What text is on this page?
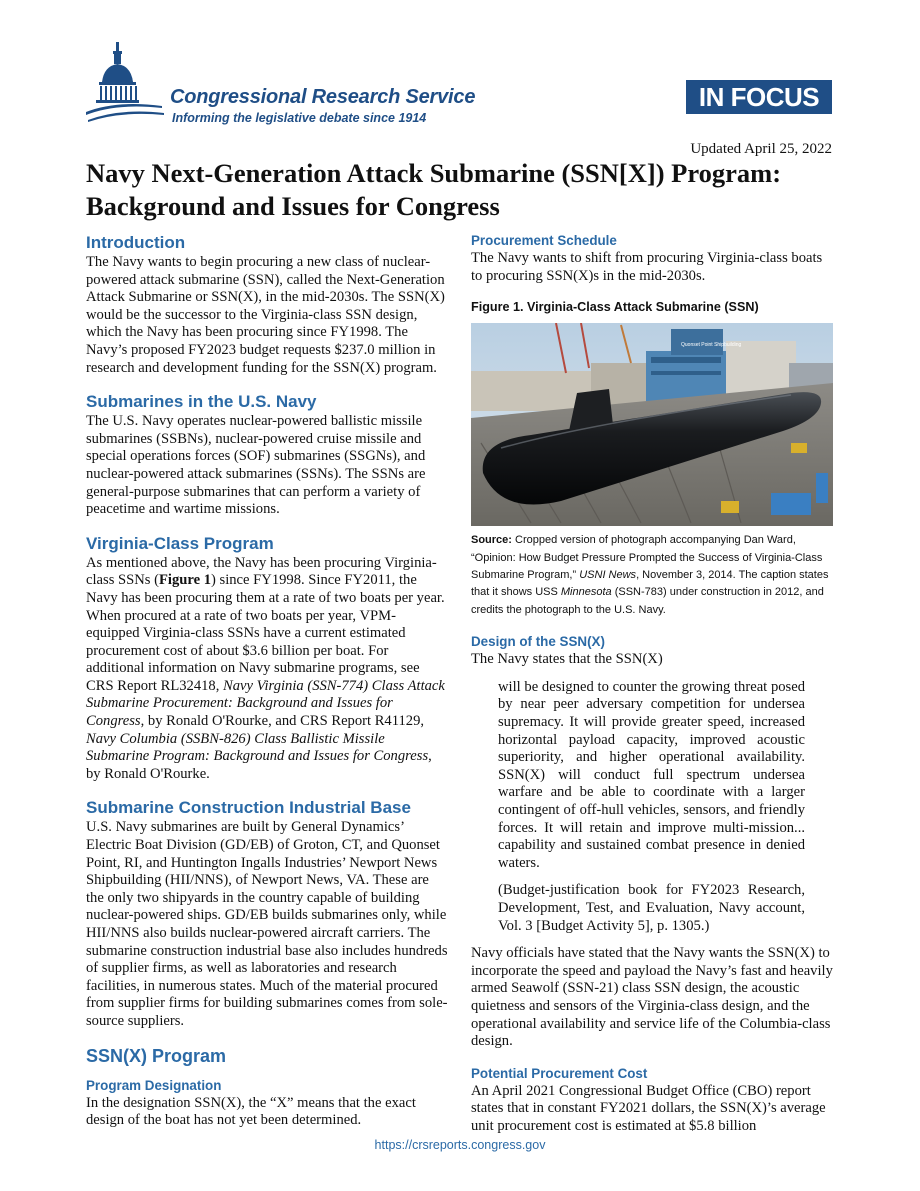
Congressional Research Service
Informing the legislative debate since 1914
IN FOCUS
Updated April 25, 2022
Navy Next-Generation Attack Submarine (SSN[X]) Program: Background and Issues for Congress
Introduction

The Navy wants to begin procuring a new class of nuclear-powered attack submarine (SSN), called the Next-Generation Attack Submarine or SSN(X), in the mid-2030s. The SSN(X) would be the successor to the Virginia-class SSN design, which the Navy has been procuring since FY1998. The Navy’s proposed FY2023 budget requests $237.0 million in research and development funding for the SSN(X) program.

Submarines in the U.S. Navy

The U.S. Navy operates nuclear-powered ballistic missile submarines (SSBNs), nuclear-powered cruise missile and special operations forces (SOF) submarines (SSGNs), and nuclear-powered attack submarines (SSNs). The SSNs are general-purpose submarines that can perform a variety of peacetime and wartime missions.

Virginia-Class Program

As mentioned above, the Navy has been procuring Virginia-class SSNs (Figure 1) since FY1998. Since FY2011, the Navy has been procuring them at a rate of two boats per year. When procured at a rate of two boats per year, VPM-equipped Virginia-class SSNs have a current estimated procurement cost of about $3.6 billion per boat. For additional information on Navy submarine programs, see CRS Report RL32418, Navy Virginia (SSN-774) Class Attack Submarine Procurement: Background and Issues for Congress, by Ronald O'Rourke, and CRS Report R41129, Navy Columbia (SSBN-826) Class Ballistic Missile Submarine Program: Background and Issues for Congress, by Ronald O'Rourke.

Submarine Construction Industrial Base

U.S. Navy submarines are built by General Dynamics’ Electric Boat Division (GD/EB) of Groton, CT, and Quonset Point, RI, and Huntington Ingalls Industries’ Newport News Shipbuilding (HII/NNS), of Newport News, VA. These are the only two shipyards in the country capable of building nuclear-powered ships. GD/EB builds submarines only, while HII/NNS also builds nuclear-powered aircraft carriers. The submarine construction industrial base also includes hundreds of supplier firms, as well as laboratories and research facilities, in numerous states. Much of the material procured from supplier firms for building submarines comes from sole-source suppliers.

SSN(X) Program
Program Designation

In the designation SSN(X), the “X” means that the exact design of the boat has not yet been determined.

Procurement Schedule

The Navy wants to shift from procuring Virginia-class boats to procuring SSN(X)s in the mid-2030s.

Figure 1. Virginia-Class Attack Submarine (SSN)
Quonset Point Shipbuilding

Source: Cropped version of photograph accompanying Dan Ward, “Opinion: How Budget Pressure Prompted the Success of Virginia-Class Submarine Program,” USNI News, November 3, 2014. The caption states that it shows USS Minnesota (SSN-783) under construction in 2012, and credits the photograph to the U.S. Navy.

Design of the SSN(X)

The Navy states that the SSN(X)

will be designed to counter the growing threat posed by near peer adversary competition for undersea supremacy. It will provide greater speed, increased horizontal payload capacity, improved acoustic superiority, and higher operational availability. SSN(X) will conduct full spectrum undersea warfare and be able to coordinate with a larger contingent of off-hull vehicles, sensors, and friendly forces. It will retain and improve multi-mission... capability and sustained combat presence in denied waters.

(Budget-justification book for FY2023 Research, Development, Test, and Evaluation, Navy account, Vol. 3 [Budget Activity 5], p. 1305.)

Navy officials have stated that the Navy wants the SSN(X) to incorporate the speed and payload the Navy’s fast and heavily armed Seawolf (SSN-21) class SSN design, the acoustic quietness and sensors of the Virginia-class design, and the operational availability and service life of the Columbia-class design.

Potential Procurement Cost

An April 2021 Congressional Budget Office (CBO) report states that in constant FY2021 dollars, the SSN(X)’s average unit procurement cost is estimated at $5.8 billion

https://crsreports.congress.gov
